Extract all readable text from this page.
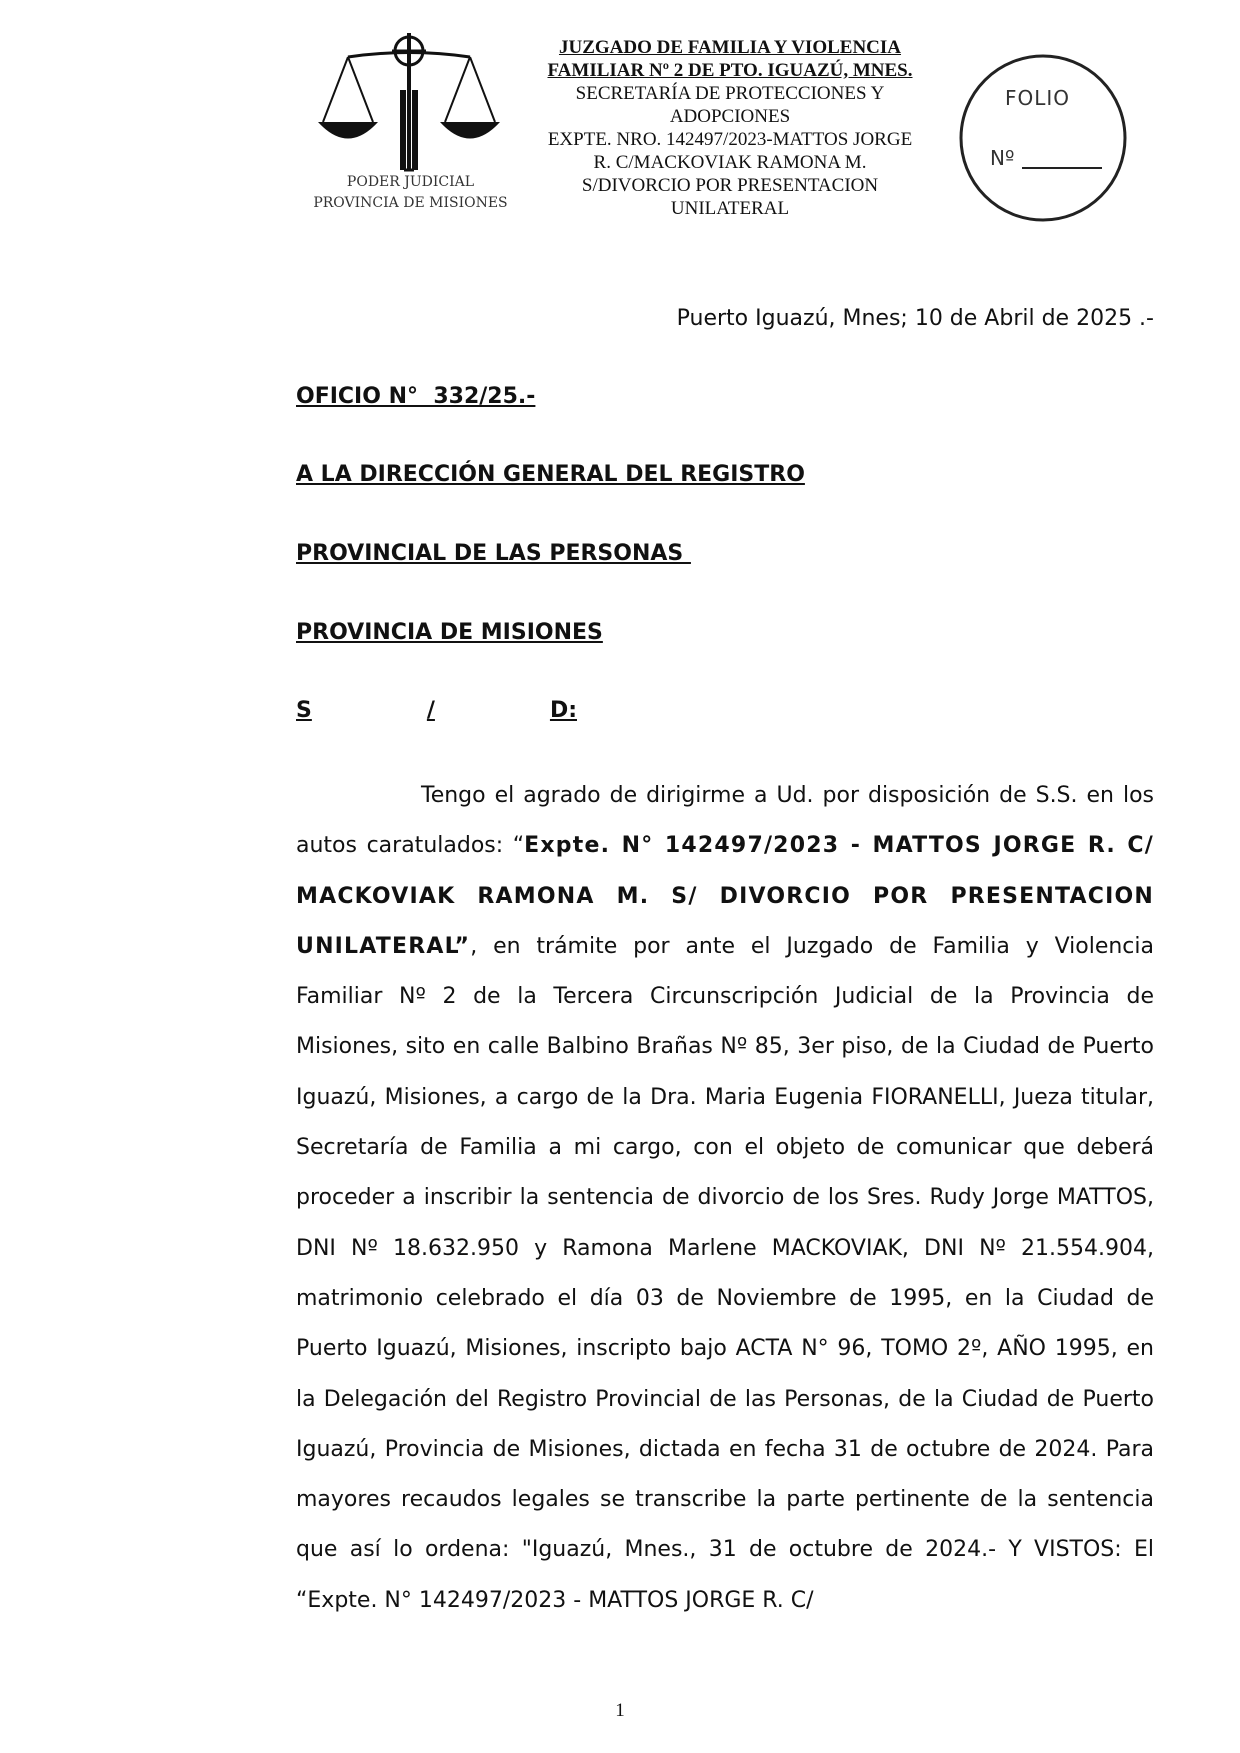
PODER JUDICIAL
PROVINCIA DE MISIONES
JUZGADO DE FAMILIA Y VIOLENCIA
FAMILIAR Nº 2 DE PTO. IGUAZÚ, MNES.
SECRETARÍA DE PROTECCIONES Y
ADOPCIONES
EXPTE. NRO. 142497/2023-MATTOS JORGE
R. C/MACKOVIAK RAMONA M.
S/DIVORCIO POR PRESENTACION
UNILATERAL
FOLIO
Nº
Puerto Iguazú, Mnes; 10 de Abril de 2025 .-
OFICIO N°  332/25.-
A LA DIRECCIÓN GENERAL DEL REGISTRO
PROVINCIAL DE LAS PERSONAS
PROVINCIA DE MISIONES
S	/	D:
Tengo el agrado de dirigirme a Ud. por disposición de S.S. en los autos caratulados: “Expte. N° 142497/2023 - MATTOS JORGE R. C/ MACKOVIAK RAMONA M. S/ DIVORCIO POR PRESENTACION UNILATERAL”, en trámite por ante el Juzgado de Familia y Violencia Familiar Nº 2 de la Tercera Circunscripción Judicial de la Provincia de Misiones, sito en calle Balbino Brañas Nº 85, 3er piso, de la Ciudad de Puerto Iguazú, Misiones, a cargo de la Dra. Maria Eugenia FIORANELLI, Jueza titular, Secretaría de Familia a mi cargo, con el objeto de comunicar que deberá proceder a inscribir la sentencia de divorcio de los Sres. Rudy Jorge MATTOS, DNI Nº 18.632.950 y Ramona Marlene MACKOVIAK, DNI Nº 21.554.904, matrimonio celebrado el día 03 de Noviembre de 1995, en la Ciudad de Puerto Iguazú, Misiones, inscripto bajo ACTA N° 96, TOMO 2º, AÑO 1995, en la Delegación del Registro Provincial de las Personas, de la Ciudad de Puerto Iguazú, Provincia de Misiones, dictada en fecha 31 de octubre de 2024. Para mayores recaudos legales se transcribe la parte pertinente de la sentencia que así lo ordena: "Iguazú, Mnes., 31 de octubre de 2024.- Y VISTOS: El “Expte. N° 142497/2023 - MATTOS JORGE R. C/
1
